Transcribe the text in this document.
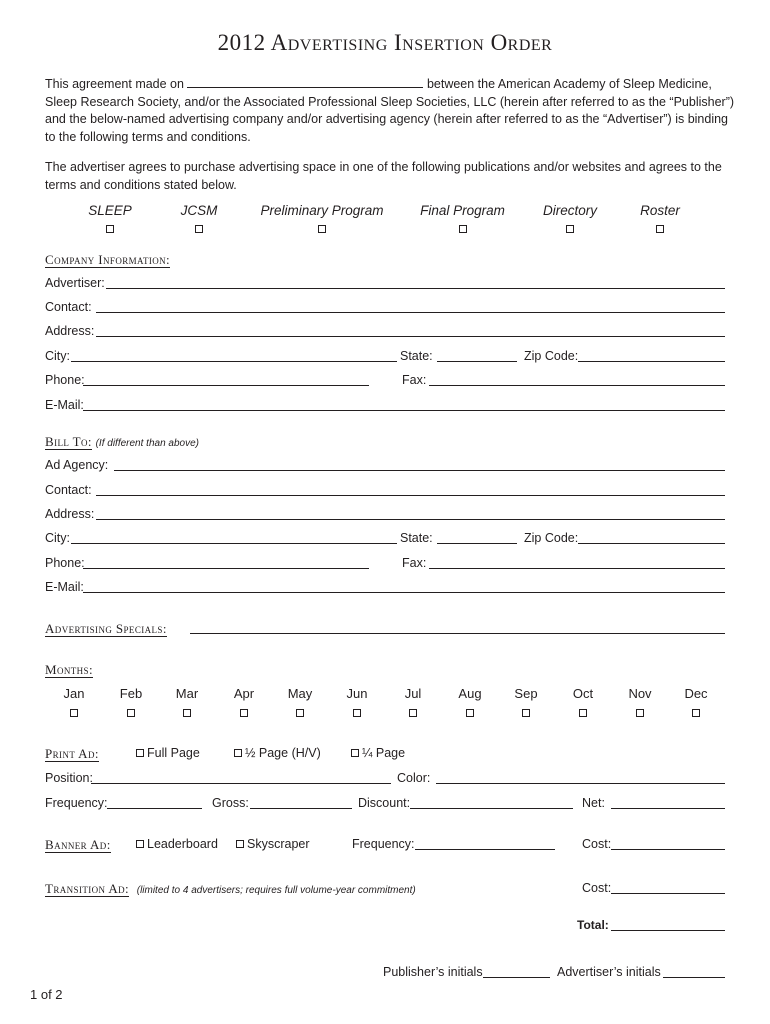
2012 Advertising Insertion Order
This agreement made on	between the American Academy of Sleep Medicine,
Sleep Research Society, and/or the Associated Professional Sleep Societies, LLC (herein after referred to as the “Publisher”)
and the below-named advertising company and/or advertising agency (herein after referred to as the “Advertiser”) is binding
to the following terms and conditions.
The advertiser agrees to purchase advertising space in one of the following publications and/or websites and agrees to the
terms and conditions stated below.
SLEEP	JCSM	Preliminary Program	Final Program	Directory	Roster
Company Information:
Advertiser:
Contact:
Address:
City:	State:	Zip Code:
Phone:	Fax:
E-Mail:
Bill To: (If different than above)
Ad Agency:
Contact:
Address:
City:	State:	Zip Code:
Phone:	Fax:
E-Mail:
Advertising Specials:
Months:
Jan	Feb	Mar	Apr	May	Jun	Jul	Aug	Sep	Oct	Nov	Dec
Print Ad:	Full Page	½ Page (H/V)	¼ Page
Position:	Color:
Frequency:	Gross:	Discount:	Net:
Banner Ad:	Leaderboard	Skyscraper	Frequency:	Cost:
Transition Ad: (limited to 4 advertisers; requires full volume-year commitment)	Cost:
Total:
Publisher’s initials	Advertiser’s initials
1 of 2
